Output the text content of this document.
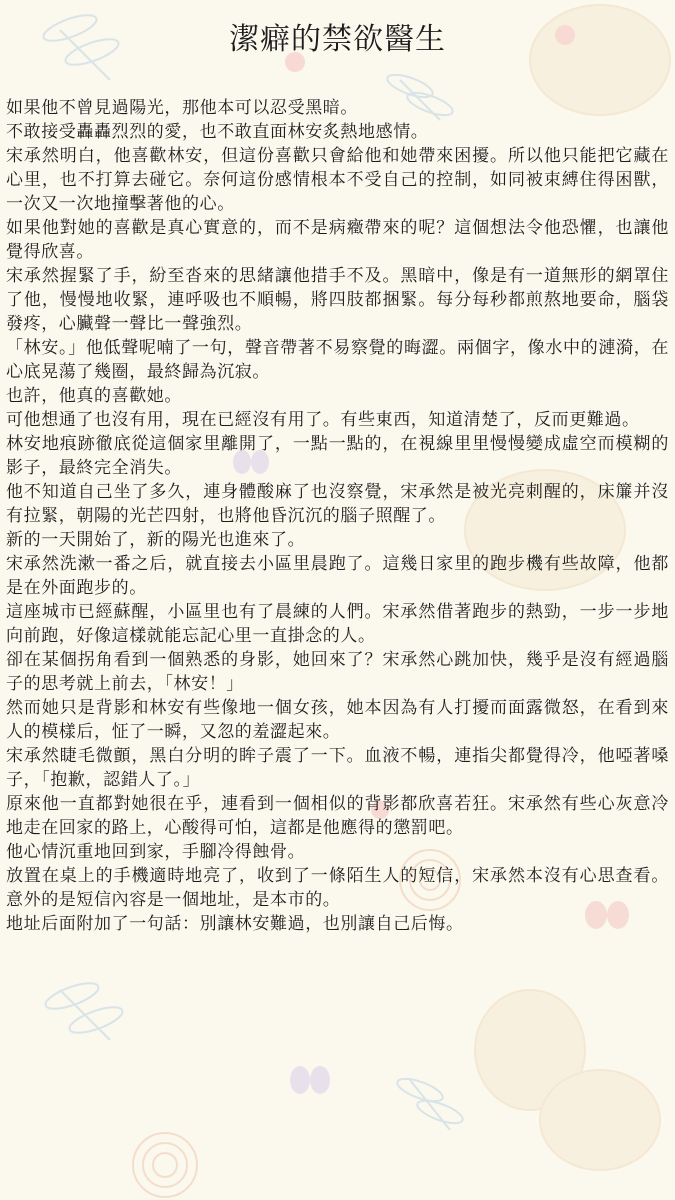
潔癖的禁欲醫生

如果他不曾見過陽光，那他本可以忍受黑暗。

不敢接受轟轟烈烈的愛，也不敢直面林安炙熱地感情。

宋承然明白，他喜歡林安，但這份喜歡只會給他和她帶來困擾。所以他只能把它藏在心里，也不打算去碰它。奈何這份感情根本不受自己的控制，如同被束縛住得困獸，一次又一次地撞擊著他的心。

如果他對她的喜歡是真心實意的，而不是病癥帶來的呢？這個想法令他恐懼，也讓他覺得欣喜。

宋承然握緊了手，紛至沓來的思緒讓他措手不及。黑暗中，像是有一道無形的網罩住了他，慢慢地收緊，連呼吸也不順暢，將四肢都捆緊。每分每秒都煎熬地要命，腦袋發疼，心臟聲一聲比一聲強烈。

「林安。」他低聲呢喃了一句，聲音帶著不易察覺的晦澀。兩個字，像水中的漣漪，在心底晃蕩了幾圈，最終歸為沉寂。

也許，他真的喜歡她。

可他想通了也沒有用，現在已經沒有用了。有些東西，知道清楚了，反而更難過。

林安地痕跡徹底從這個家里離開了，一點一點的，在視線里里慢慢變成虛空而模糊的影子，最終完全消失。

他不知道自己坐了多久，連身體酸麻了也沒察覺，宋承然是被光亮刺醒的，床簾并沒有拉緊，朝陽的光芒四射，也將他昏沉沉的腦子照醒了。

新的一天開始了，新的陽光也進來了。

宋承然洗漱一番之后，就直接去小區里晨跑了。這幾日家里的跑步機有些故障，他都是在外面跑步的。

這座城市已經蘇醒，小區里也有了晨練的人們。宋承然借著跑步的熱勁，一步一步地向前跑，好像這樣就能忘記心里一直掛念的人。

卻在某個拐角看到一個熟悉的身影，她回來了？宋承然心跳加快，幾乎是沒有經過腦子的思考就上前去，「林安！」

然而她只是背影和林安有些像地一個女孩，她本因為有人打擾而面露微怒，在看到來人的模樣后，怔了一瞬，又忽的羞澀起來。

宋承然睫毛微顫，黑白分明的眸子震了一下。血液不暢，連指尖都覺得冷，他啞著嗓子，「抱歉，認錯人了。」

原來他一直都對她很在乎，連看到一個相似的背影都欣喜若狂。宋承然有些心灰意冷地走在回家的路上，心酸得可怕，這都是他應得的懲罰吧。

他心情沉重地回到家，手腳冷得蝕骨。

放置在桌上的手機適時地亮了，收到了一條陌生人的短信，宋承然本沒有心思查看。意外的是短信內容是一個地址，是本市的。

地址后面附加了一句話：別讓林安難過，也別讓自己后悔。
